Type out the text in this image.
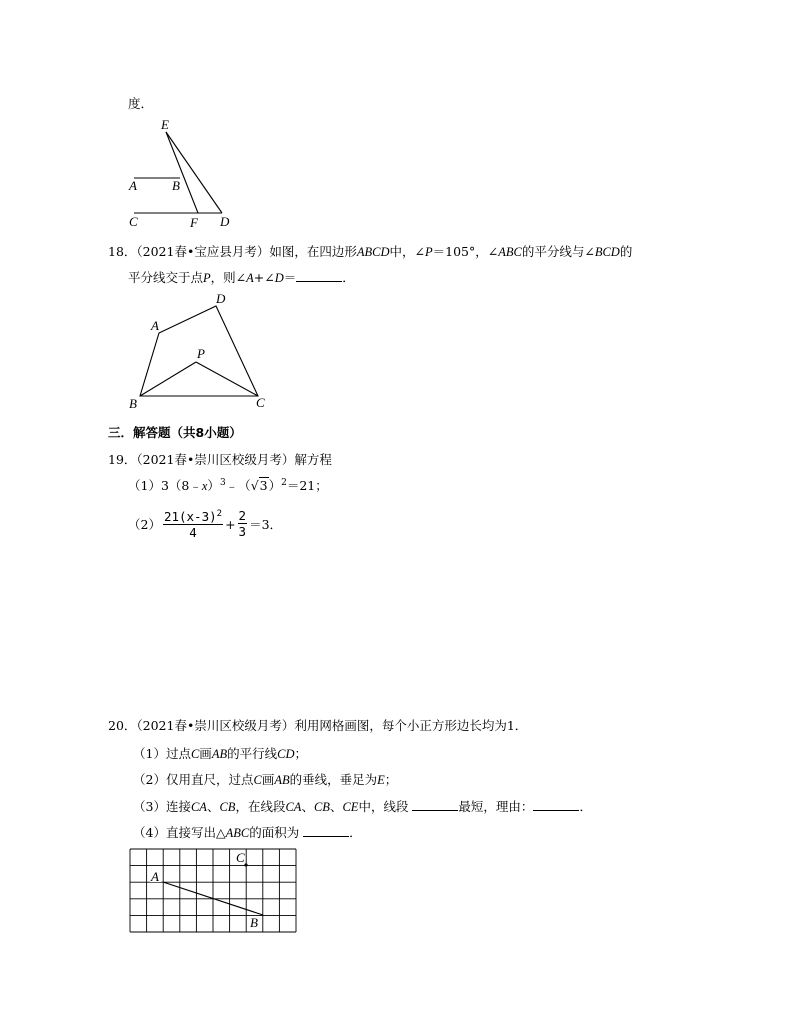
度．
E
A	B
C	F D
18．（2021春•宝应县月考）如图，在四边形ABCD中，∠P＝105°，∠ABC的平分线与∠BCD的
平分线交于点P，则∠A+∠D＝	．
D
A
P
B	C
三．解答题（共8小题）
19．（2021春•崇川区校级月考）解方程
$(1)3(8﹣x)^3﹣(√3)^2=21$；
$(2) \frac{21(x-3)^2}{4} + \frac{2}{3} =3$．
20．（2021春•崇川区校级月考）利用网格画图，每个小正方形边长均为1．
（1）过点C画AB的平行线CD；
（2）仅用直尺，过点C画AB的垂线，垂足为E；
（3）连接CA、CB，在线段CA、CB、CE中，线段	最短，理由：	．
（4）直接写出△ABC的面积为	．
A
B
C
